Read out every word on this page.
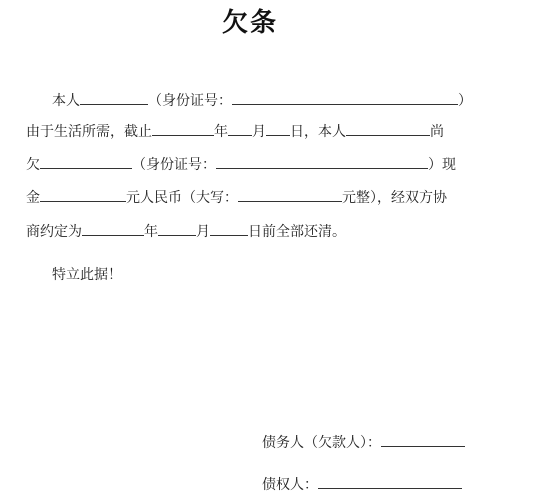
欠条
本人	（身份证号：	）
由于生活所需，截止	年 月 日，本人	尚
欠	（身份证号：	）现
金	元人民币（大写：	元整），经双方协
商约定为	年	月	日前全部还清。
特立此据！
债务人（欠款人）：
债权人：
